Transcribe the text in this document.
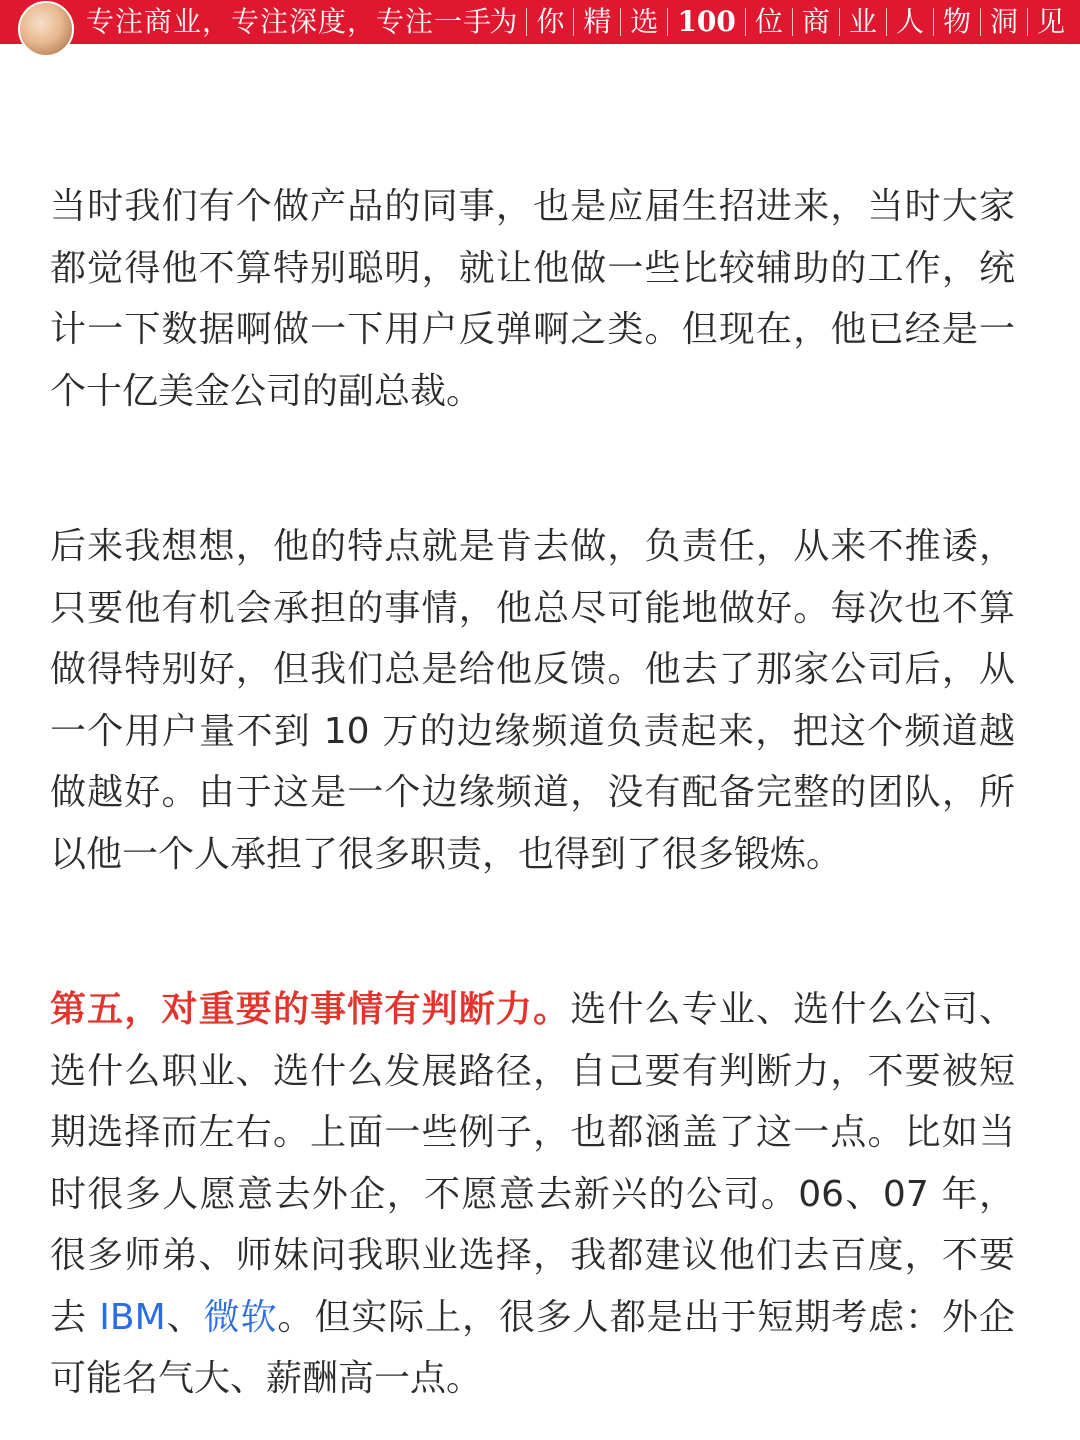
专注商业，专注深度，专注一手
为 你 精 选 100 位 商 业 人 物 洞 见

当时我们有个做产品的同事，也是应届生招进来，当时大家都觉得他不算特别聪明，就让他做一些比较辅助的工作，统计一下数据啊做一下用户反弹啊之类。但现在，他已经是一个十亿美金公司的副总裁。

后来我想想，他的特点就是肯去做，负责任，从来不推诿，只要他有机会承担的事情，他总尽可能地做好。每次也不算做得特别好，但我们总是给他反馈。他去了那家公司后，从一个用户量不到 10 万的边缘频道负责起来，把这个频道越做越好。由于这是一个边缘频道，没有配备完整的团队，所以他一个人承担了很多职责，也得到了很多锻炼。

第五，对重要的事情有判断力。选什么专业、选什么公司、选什么职业、选什么发展路径，自己要有判断力，不要被短期选择而左右。上面一些例子，也都涵盖了这一点。比如当时很多人愿意去外企，不愿意去新兴的公司。06、07 年，很多师弟、师妹问我职业选择，我都建议他们去百度，不要去 IBM、微软。但实际上，很多人都是出于短期考虑：外企可能名气大、薪酬高一点。
